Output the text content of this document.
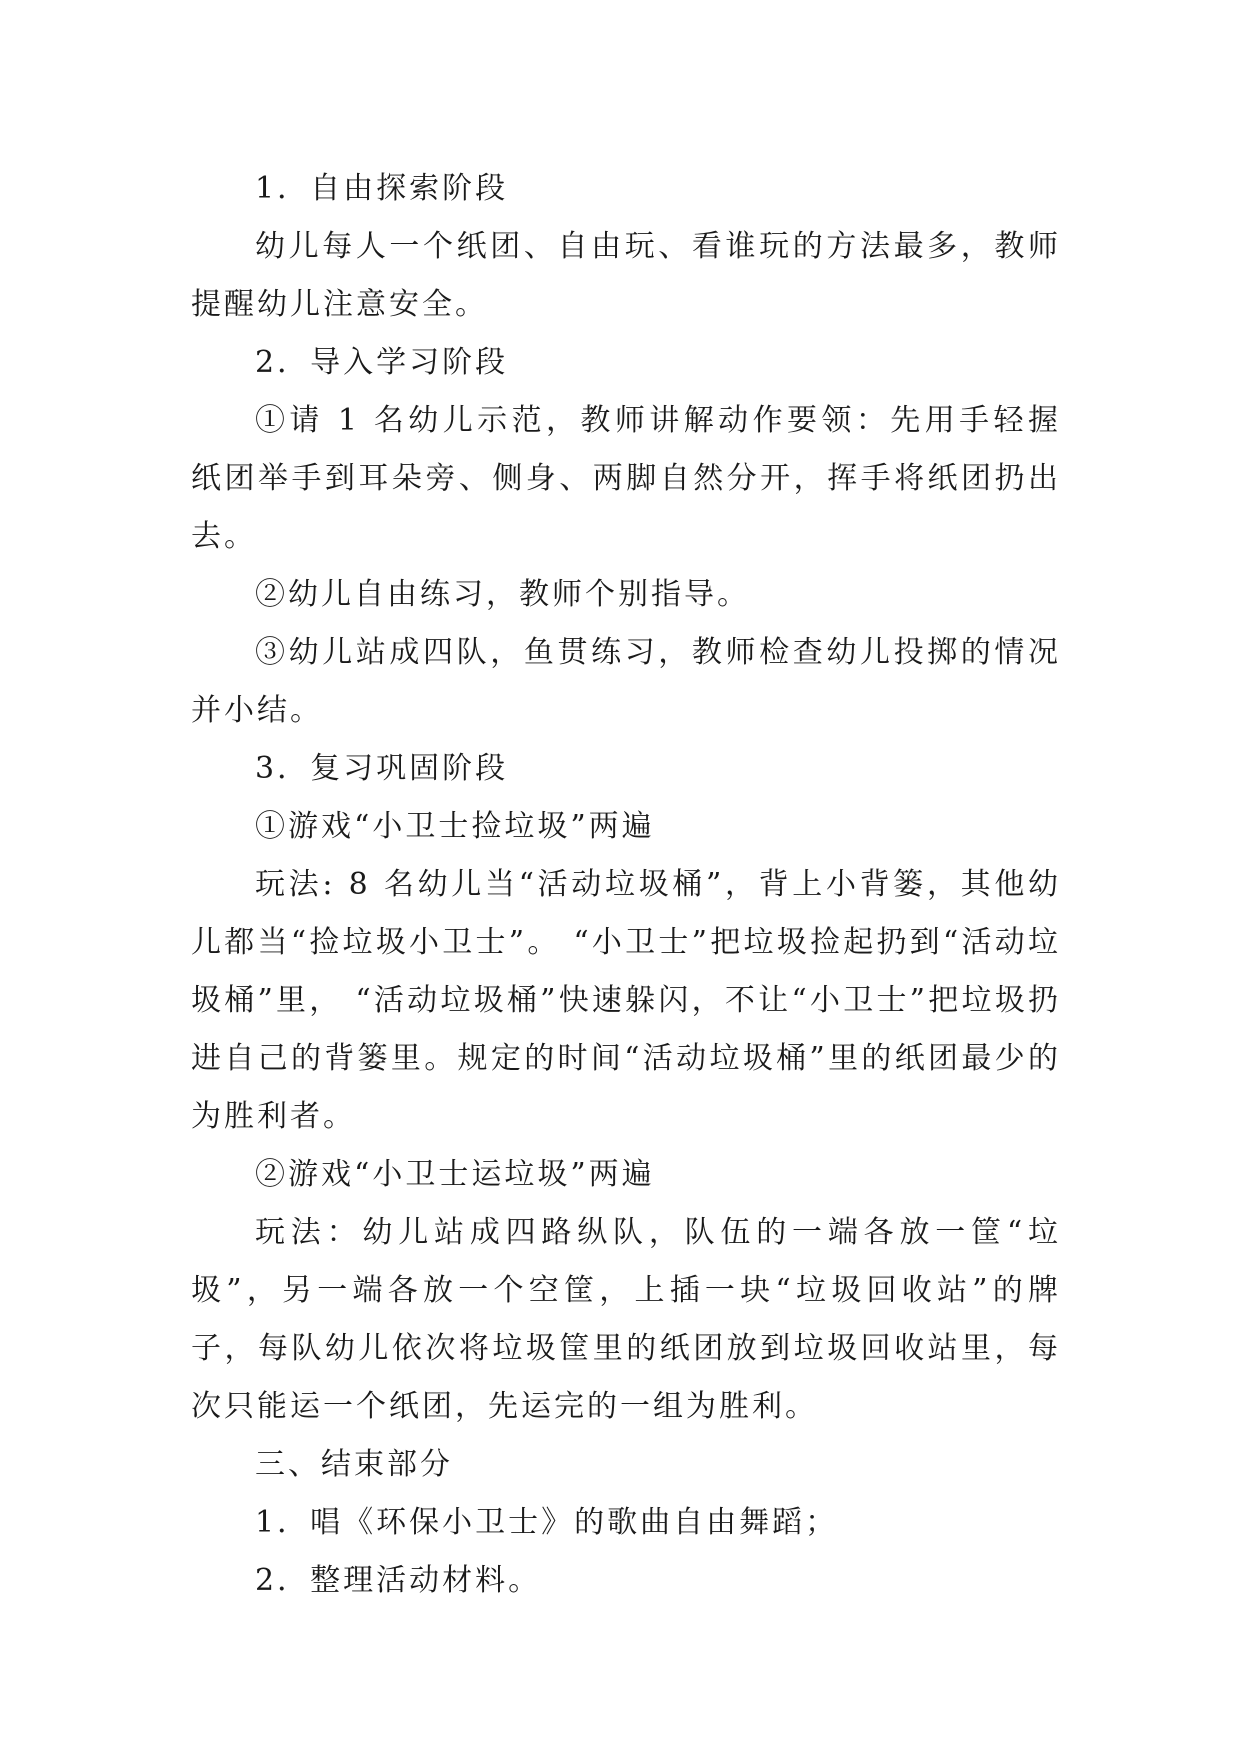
1．自由探索阶段

幼儿每人一个纸团、自由玩、看谁玩的方法最多，教师提醒幼儿注意安全。

2．导入学习阶段

①请 1 名幼儿示范，教师讲解动作要领：先用手轻握纸团举手到耳朵旁、侧身、两脚自然分开，挥手将纸团扔出去。

②幼儿自由练习，教师个别指导。

③幼儿站成四队，鱼贯练习，教师检查幼儿投掷的情况并小结。

3．复习巩固阶段

①游戏“小卫士捡垃圾”两遍

玩法: 8 名幼儿当“活动垃圾桶”，背上小背篓，其他幼儿都当“捡垃圾小卫士”。 “小卫士”把垃圾捡起扔到“活动垃圾桶”里， “活动垃圾桶”快速躲闪，不让“小卫士”把垃圾扔进自己的背篓里。规定的时间“活动垃圾桶”里的纸团最少的为胜利者。

②游戏“小卫士运垃圾”两遍

玩法：幼儿站成四路纵队，队伍的一端各放一筐“垃圾”，另一端各放一个空筐，上插一块“垃圾回收站”的牌子，每队幼儿依次将垃圾筐里的纸团放到垃圾回收站里，每次只能运一个纸团，先运完的一组为胜利。

三、结束部分

1．唱《环保小卫士》的歌曲自由舞蹈；

2．整理活动材料。
